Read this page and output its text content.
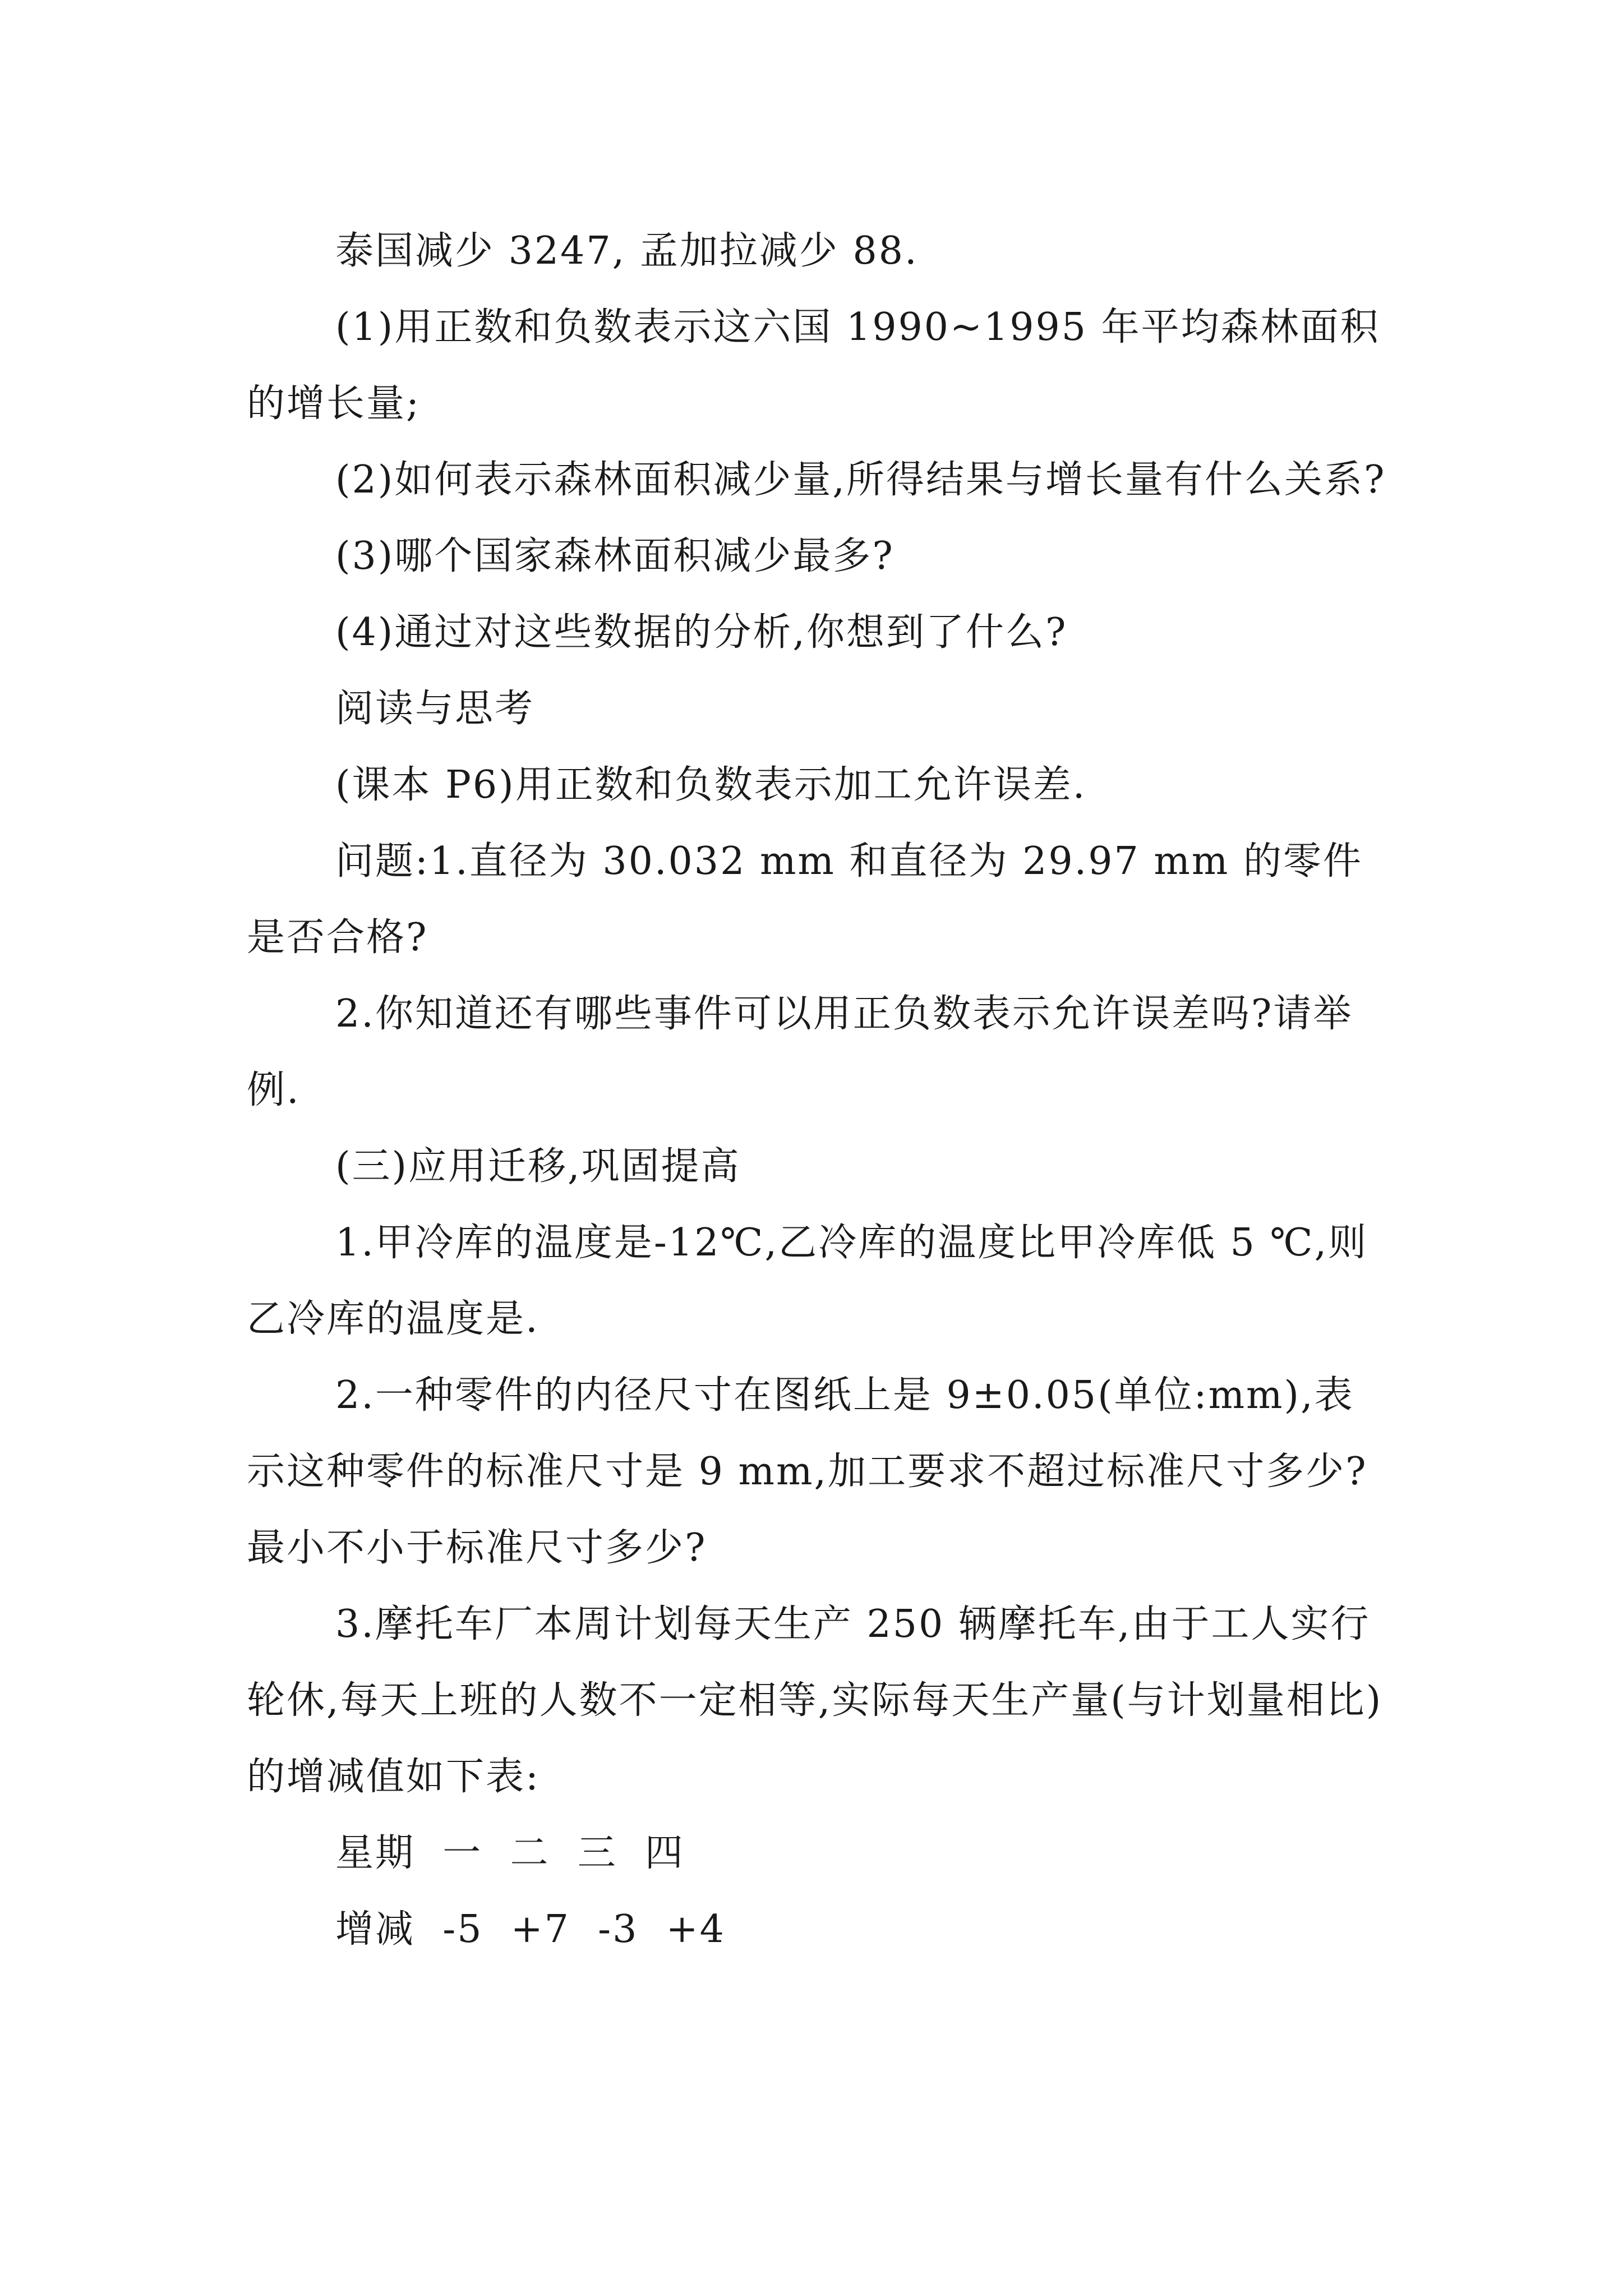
泰国减少 3247, 孟加拉减少 88.

(1)用正数和负数表示这六国 1990~1995 年平均森林面积的增长量;

(2)如何表示森林面积减少量,所得结果与增长量有什么关系?

(3)哪个国家森林面积减少最多?

(4)通过对这些数据的分析,你想到了什么?

阅读与思考

(课本 P6)用正数和负数表示加工允许误差.

问题:1.直径为 30.032 mm 和直径为 29.97 mm 的零件是否合格?

2.你知道还有哪些事件可以用正负数表示允许误差吗?请举例.

(三)应用迁移,巩固提高

1.甲冷库的温度是-12℃,乙冷库的温度比甲冷库低 5 ℃,则乙冷库的温度是.

2.一种零件的内径尺寸在图纸上是 9±0.05(单位:mm),表示这种零件的标准尺寸是 9 mm,加工要求不超过标准尺寸多少?最小不小于标准尺寸多少?

3.摩托车厂本周计划每天生产 250 辆摩托车,由于工人实行轮休,每天上班的人数不一定相等,实际每天生产量(与计划量相比)的增减值如下表:

星期  一  二  三  四

增减  -5  +7  -3  +4
